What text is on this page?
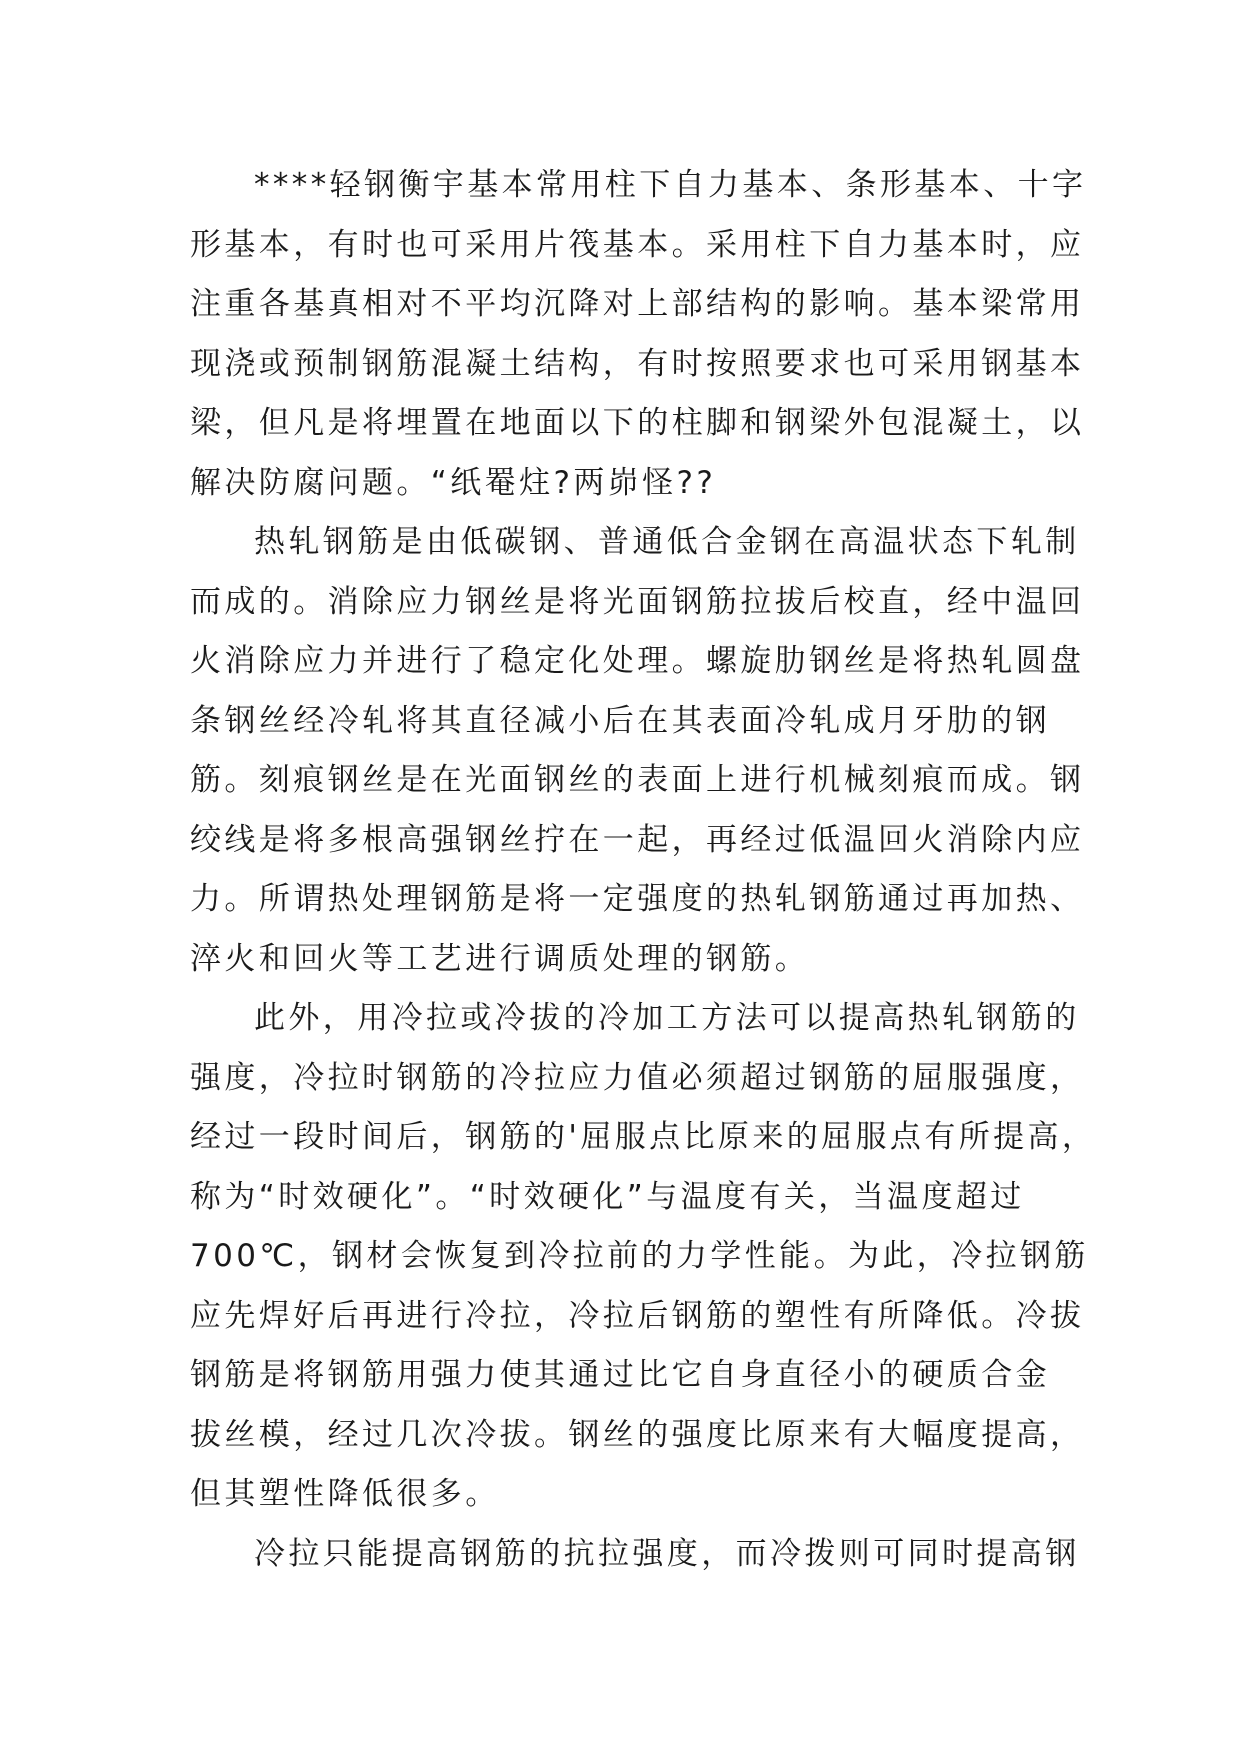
****轻钢衡宇基本常用柱下自力基本、条形基本、十字
形基本，有时也可采用片筏基本。采用柱下自力基本时，应
注重各基真相对不平均沉降对上部结构的影响。基本梁常用
现浇或预制钢筋混凝土结构，有时按照要求也可采用钢基本
梁，但凡是将埋置在地面以下的柱脚和钢梁外包混凝土，以
解决防腐问题。“纸罨炷?两峁怪??
热轧钢筋是由低碳钢、普通低合金钢在高温状态下轧制
而成的。消除应力钢丝是将光面钢筋拉拔后校直，经中温回
火消除应力并进行了稳定化处理。螺旋肋钢丝是将热轧圆盘
条钢丝经冷轧将其直径减小后在其表面冷轧成月牙肋的钢
筋。刻痕钢丝是在光面钢丝的表面上进行机械刻痕而成。钢
绞线是将多根高强钢丝拧在一起，再经过低温回火消除内应
力。所谓热处理钢筋是将一定强度的热轧钢筋通过再加热、
淬火和回火等工艺进行调质处理的钢筋。
此外，用冷拉或冷拔的冷加工方法可以提高热轧钢筋的
强度，冷拉时钢筋的冷拉应力值必须超过钢筋的屈服强度，
经过一段时间后，钢筋的'屈服点比原来的屈服点有所提高，
称为“时效硬化”。“时效硬化”与温度有关，当温度超过
700℃，钢材会恢复到冷拉前的力学性能。为此，冷拉钢筋
应先焊好后再进行冷拉，冷拉后钢筋的塑性有所降低。冷拔
钢筋是将钢筋用强力使其通过比它自身直径小的硬质合金
拔丝模，经过几次冷拔。钢丝的强度比原来有大幅度提高，
但其塑性降低很多。
冷拉只能提高钢筋的抗拉强度，而冷拨则可同时提高钢
